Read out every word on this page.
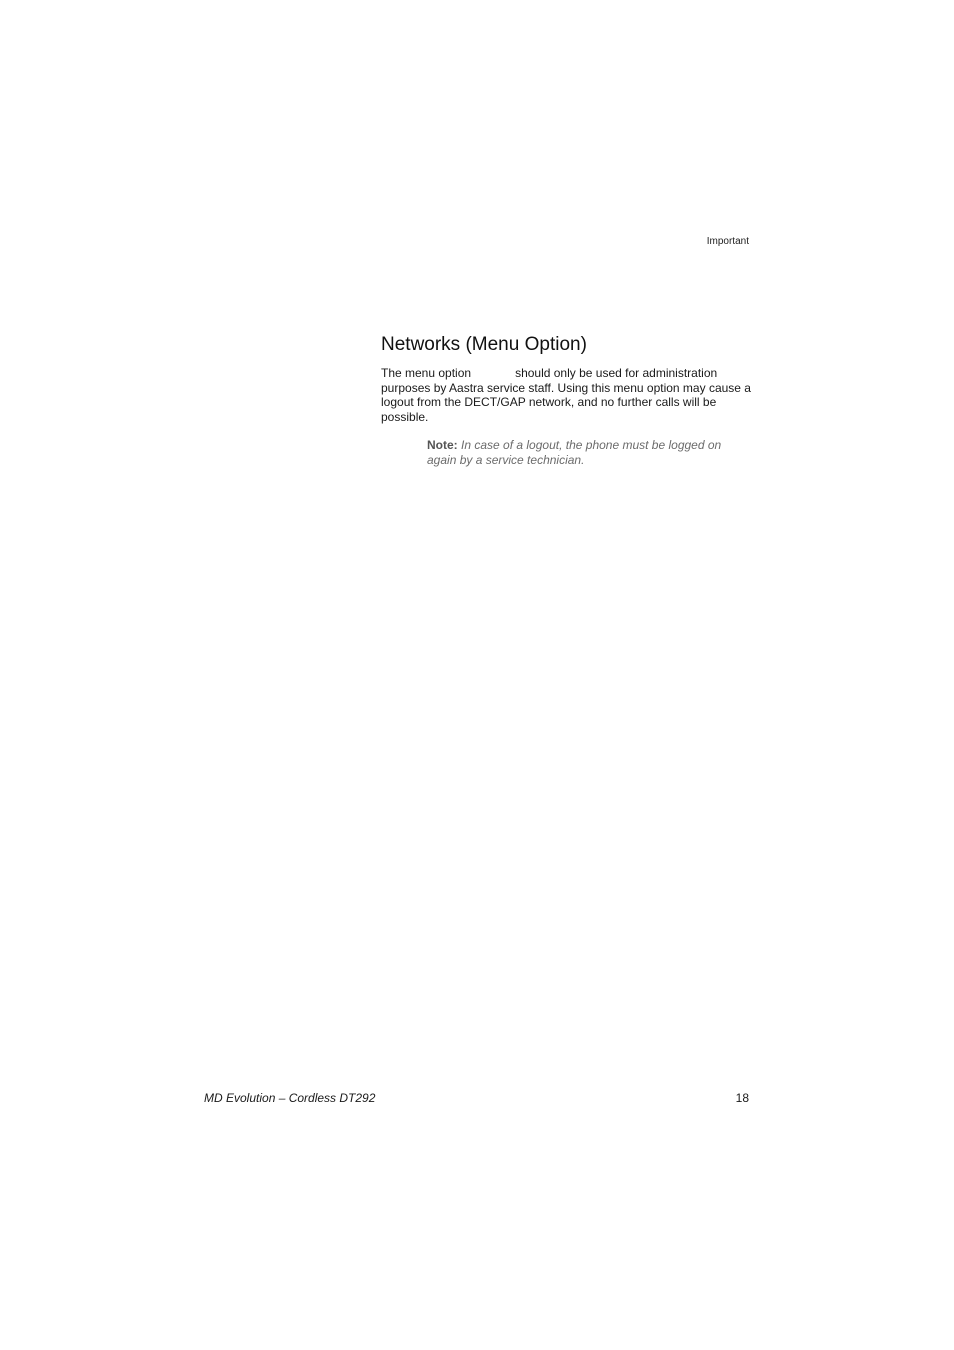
Important
Networks (Menu Option)

The menu option	should only be used for administration purposes by Aastra service staff. Using this menu option may cause a logout from the DECT/GAP network, and no further calls will be possible.

Note: In case of a logout, the phone must be logged on again by a service technician.
MD Evolution – Cordless DT292	18
